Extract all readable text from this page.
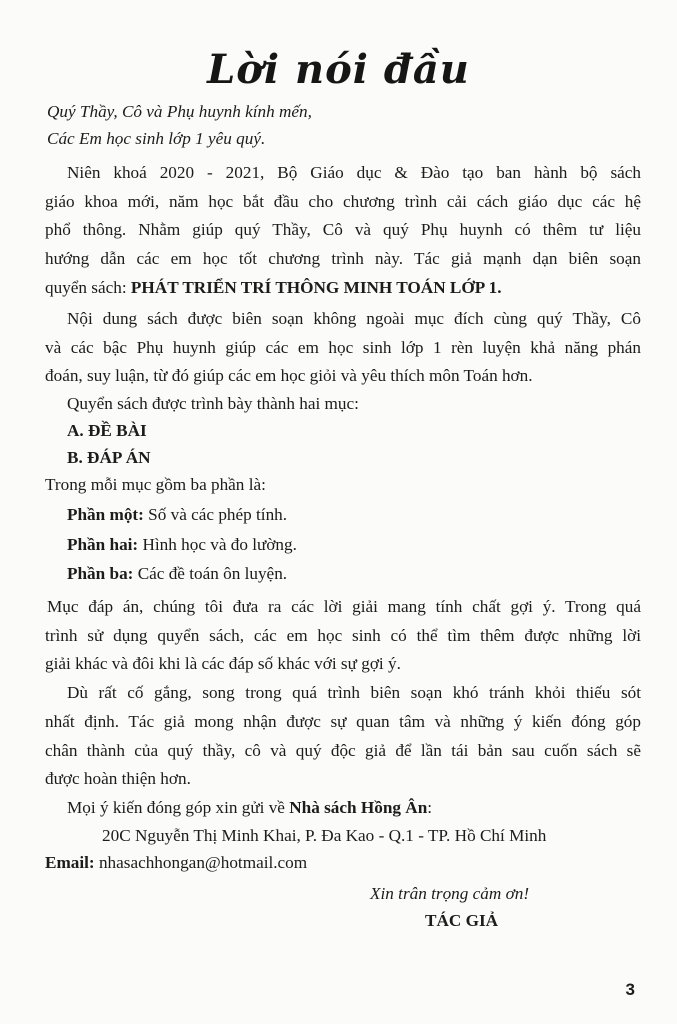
Lời nói đầu
Quý Thầy, Cô và Phụ huynh kính mến,
Các Em học sinh lớp 1 yêu quý.
Niên khoá 2020 - 2021, Bộ Giáo dục & Đào tạo ban hành bộ sách
giáo khoa mới, năm học bắt đầu cho chương trình cải cách giáo dục các hệ
phổ thông. Nhằm giúp quý Thầy, Cô và quý Phụ huynh có thêm tư liệu
hướng dẫn các em học tốt chương trình này. Tác giả mạnh dạn biên soạn
quyển sách: PHÁT TRIỂN TRÍ THÔNG MINH TOÁN LỚP 1.
Nội dung sách được biên soạn không ngoài mục đích cùng quý Thầy, Cô
và các bậc Phụ huynh giúp các em học sinh lớp 1 rèn luyện khả năng phán
đoán, suy luận, từ đó giúp các em học giỏi và yêu thích môn Toán hơn.
Quyển sách được trình bày thành hai mục:
A. ĐỀ BÀI
B. ĐÁP ÁN
Trong mỗi mục gồm ba phần là:
Phần một: Số và các phép tính.
Phần hai: Hình học và đo lường.
Phần ba: Các đề toán ôn luyện.
Mục đáp án, chúng tôi đưa ra các lời giải mang tính chất gợi ý. Trong quá
trình sử dụng quyển sách, các em học sinh có thể tìm thêm được những lời
giải khác và đôi khi là các đáp số khác với sự gợi ý.
Dù rất cố gắng, song trong quá trình biên soạn khó tránh khỏi thiếu sót
nhất định. Tác giả mong nhận được sự quan tâm và những ý kiến đóng góp
chân thành của quý thầy, cô và quý độc giả để lần tái bản sau cuốn sách sẽ
được hoàn thiện hơn.
Mọi ý kiến đóng góp xin gửi về Nhà sách Hồng Ân:
20C Nguyễn Thị Minh Khai, P. Đa Kao - Q.1 - TP. Hồ Chí Minh
Email: nhasachhongan@hotmail.com
Xin trân trọng cảm ơn!
TÁC GIẢ
3
